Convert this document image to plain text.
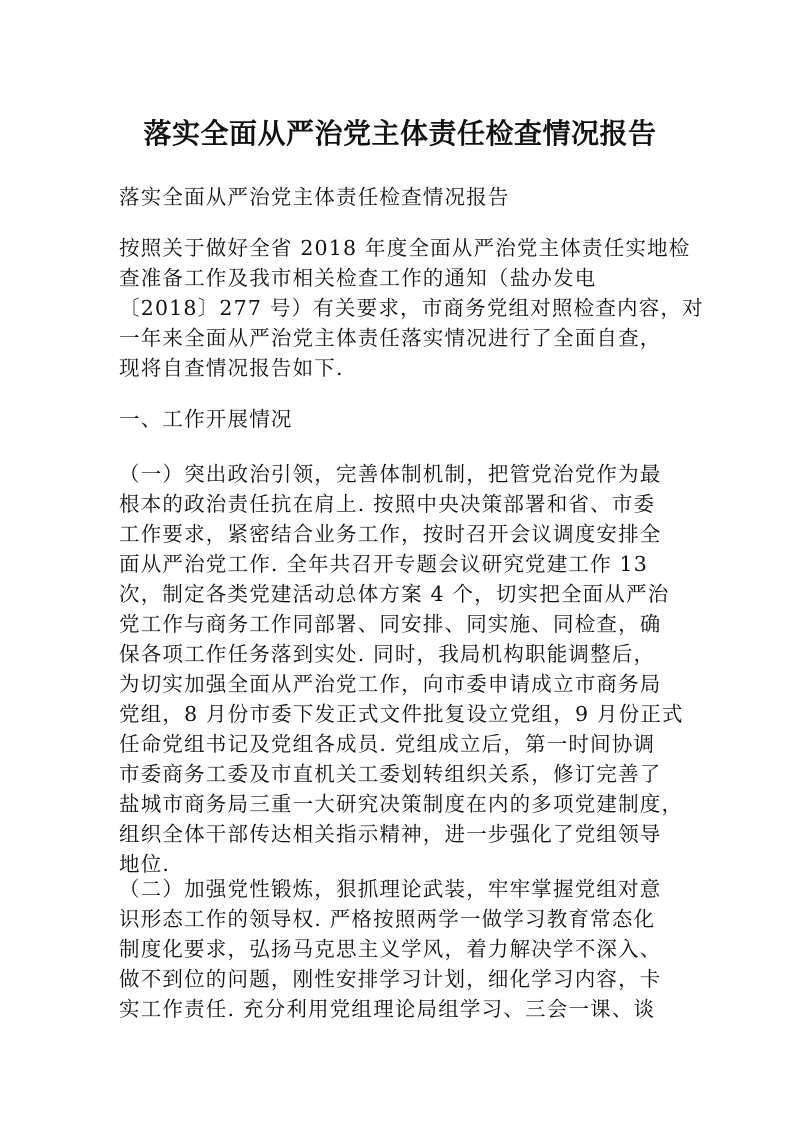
落实全面从严治党主体责任检查情况报告

落实全面从严治党主体责任检查情况报告

按照关于做好全省 2018 年度全面从严治党主体责任实地检
查准备工作及我市相关检查工作的通知（盐办发电
〔2018〕277 号）有关要求，市商务党组对照检查内容，对
一年来全面从严治党主体责任落实情况进行了全面自查，
现将自查情况报告如下.

一、工作开展情况

（一）突出政治引领，完善体制机制，把管党治党作为最
根本的政治责任抗在肩上. 按照中央决策部署和省、市委
工作要求，紧密结合业务工作，按时召开会议调度安排全
面从严治党工作. 全年共召开专题会议研究党建工作 13
次，制定各类党建活动总体方案 4 个，切实把全面从严治
党工作与商务工作同部署、同安排、同实施、同检查，确
保各项工作任务落到实处. 同时，我局机构职能调整后，
为切实加强全面从严治党工作，向市委申请成立市商务局
党组，8 月份市委下发正式文件批复设立党组，9 月份正式
任命党组书记及党组各成员. 党组成立后，第一时间协调
市委商务工委及市直机关工委划转组织关系，修订完善了
盐城市商务局三重一大研究决策制度在内的多项党建制度，
组织全体干部传达相关指示精神，进一步强化了党组领导
地位.

（二）加强党性锻炼，狠抓理论武装，牢牢掌握党组对意
识形态工作的领导权. 严格按照两学一做学习教育常态化
制度化要求，弘扬马克思主义学风，着力解决学不深入、
做不到位的问题，刚性安排学习计划，细化学习内容，卡
实工作责任. 充分利用党组理论局组学习、三会一课、谈
